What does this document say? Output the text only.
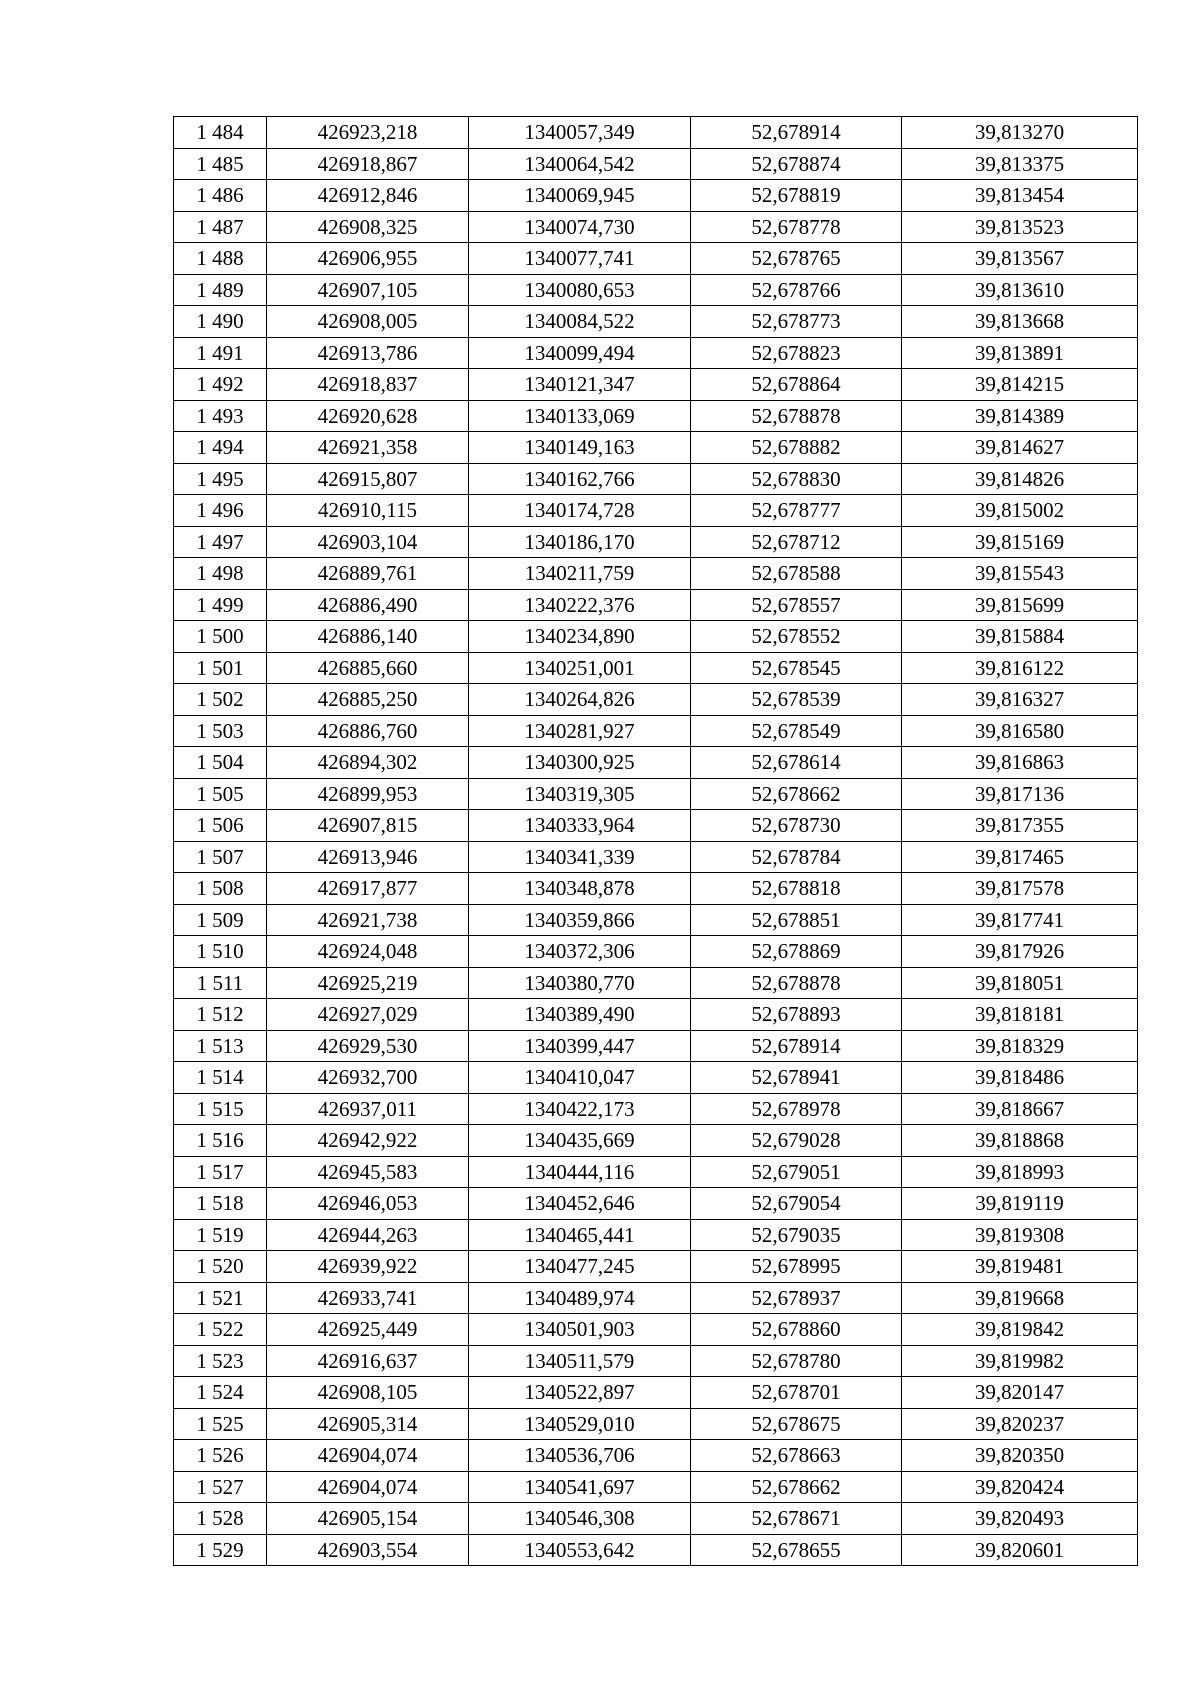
1 484	426923,218	1340057,349	52,678914	39,813270
1 485	426918,867	1340064,542	52,678874	39,813375
1 486	426912,846	1340069,945	52,678819	39,813454
1 487	426908,325	1340074,730	52,678778	39,813523
1 488	426906,955	1340077,741	52,678765	39,813567
1 489	426907,105	1340080,653	52,678766	39,813610
1 490	426908,005	1340084,522	52,678773	39,813668
1 491	426913,786	1340099,494	52,678823	39,813891
1 492	426918,837	1340121,347	52,678864	39,814215
1 493	426920,628	1340133,069	52,678878	39,814389
1 494	426921,358	1340149,163	52,678882	39,814627
1 495	426915,807	1340162,766	52,678830	39,814826
1 496	426910,115	1340174,728	52,678777	39,815002
1 497	426903,104	1340186,170	52,678712	39,815169
1 498	426889,761	1340211,759	52,678588	39,815543
1 499	426886,490	1340222,376	52,678557	39,815699
1 500	426886,140	1340234,890	52,678552	39,815884
1 501	426885,660	1340251,001	52,678545	39,816122
1 502	426885,250	1340264,826	52,678539	39,816327
1 503	426886,760	1340281,927	52,678549	39,816580
1 504	426894,302	1340300,925	52,678614	39,816863
1 505	426899,953	1340319,305	52,678662	39,817136
1 506	426907,815	1340333,964	52,678730	39,817355
1 507	426913,946	1340341,339	52,678784	39,817465
1 508	426917,877	1340348,878	52,678818	39,817578
1 509	426921,738	1340359,866	52,678851	39,817741
1 510	426924,048	1340372,306	52,678869	39,817926
1 511	426925,219	1340380,770	52,678878	39,818051
1 512	426927,029	1340389,490	52,678893	39,818181
1 513	426929,530	1340399,447	52,678914	39,818329
1 514	426932,700	1340410,047	52,678941	39,818486
1 515	426937,011	1340422,173	52,678978	39,818667
1 516	426942,922	1340435,669	52,679028	39,818868
1 517	426945,583	1340444,116	52,679051	39,818993
1 518	426946,053	1340452,646	52,679054	39,819119
1 519	426944,263	1340465,441	52,679035	39,819308
1 520	426939,922	1340477,245	52,678995	39,819481
1 521	426933,741	1340489,974	52,678937	39,819668
1 522	426925,449	1340501,903	52,678860	39,819842
1 523	426916,637	1340511,579	52,678780	39,819982
1 524	426908,105	1340522,897	52,678701	39,820147
1 525	426905,314	1340529,010	52,678675	39,820237
1 526	426904,074	1340536,706	52,678663	39,820350
1 527	426904,074	1340541,697	52,678662	39,820424
1 528	426905,154	1340546,308	52,678671	39,820493
1 529	426903,554	1340553,642	52,678655	39,820601
